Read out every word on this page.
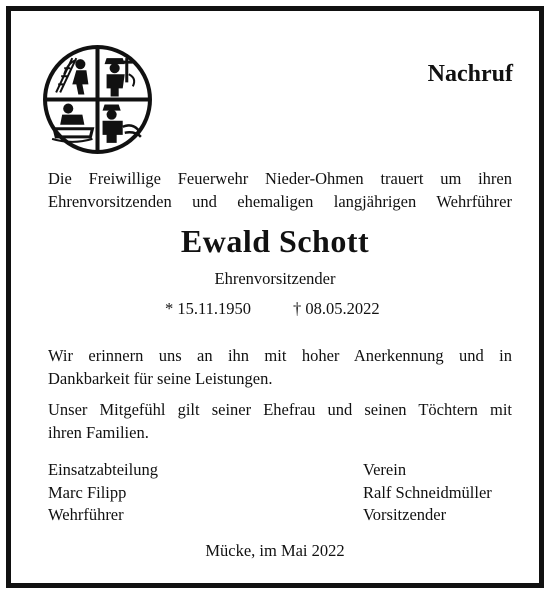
Nachruf
Die Freiwillige Feuerwehr Nieder-Ohmen trauert um ihren
Ehrenvorsitzenden und ehemaligen langjährigen Wehrführer
Ewald Schott
Ehrenvorsitzender
* 15.11.1950	† 08.05.2022
Wir erinnern uns an ihn mit hoher Anerkennung und in
Dankbarkeit für seine Leistungen.
Unser Mitgefühl gilt seiner Ehefrau und seinen Töchtern mit
ihren Familien.
Einsatzabteilung
Marc Filipp
Wehrführer
Verein
Ralf Schneidmüller
Vorsitzender
Mücke, im Mai 2022
